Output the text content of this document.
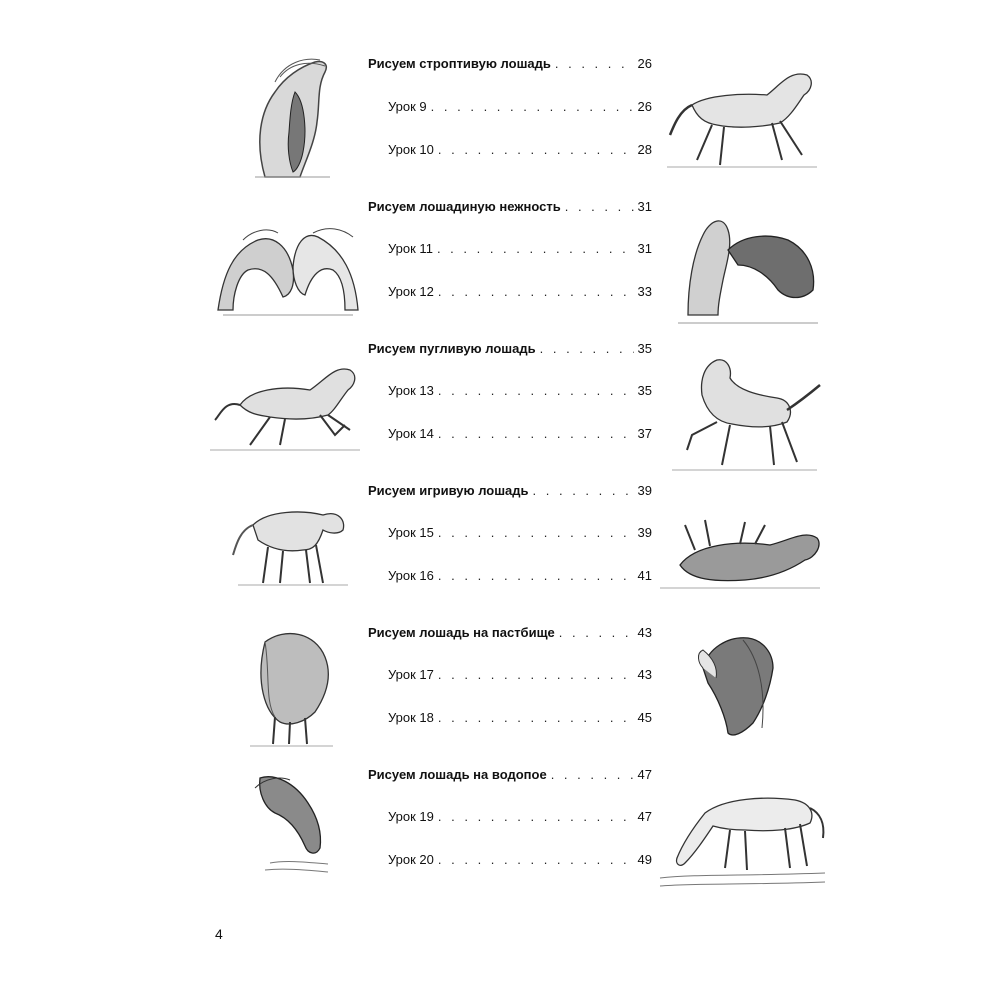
Рисуем строптивую лошадь . . .	26
Урок 9 . . .	26
Урок 10 . . .	28
Рисуем лошадиную нежность . . .	31
Урок 11 . . .	31
Урок 12 . . .	33
Рисуем пугливую лошадь . . .	35
Урок 13 . . .	35
Урок 14 . . .	37
Рисуем игривую лошадь . . .	39
Урок 15 . . .	39
Урок 16 . . .	41
Рисуем лошадь на пастбище . . .	43
Урок 17 . . .	43
Урок 18 . . .	45
Рисуем лошадь на водопое . . .	47
Урок 19 . . .	47
Урок 20 . . .	49
4
